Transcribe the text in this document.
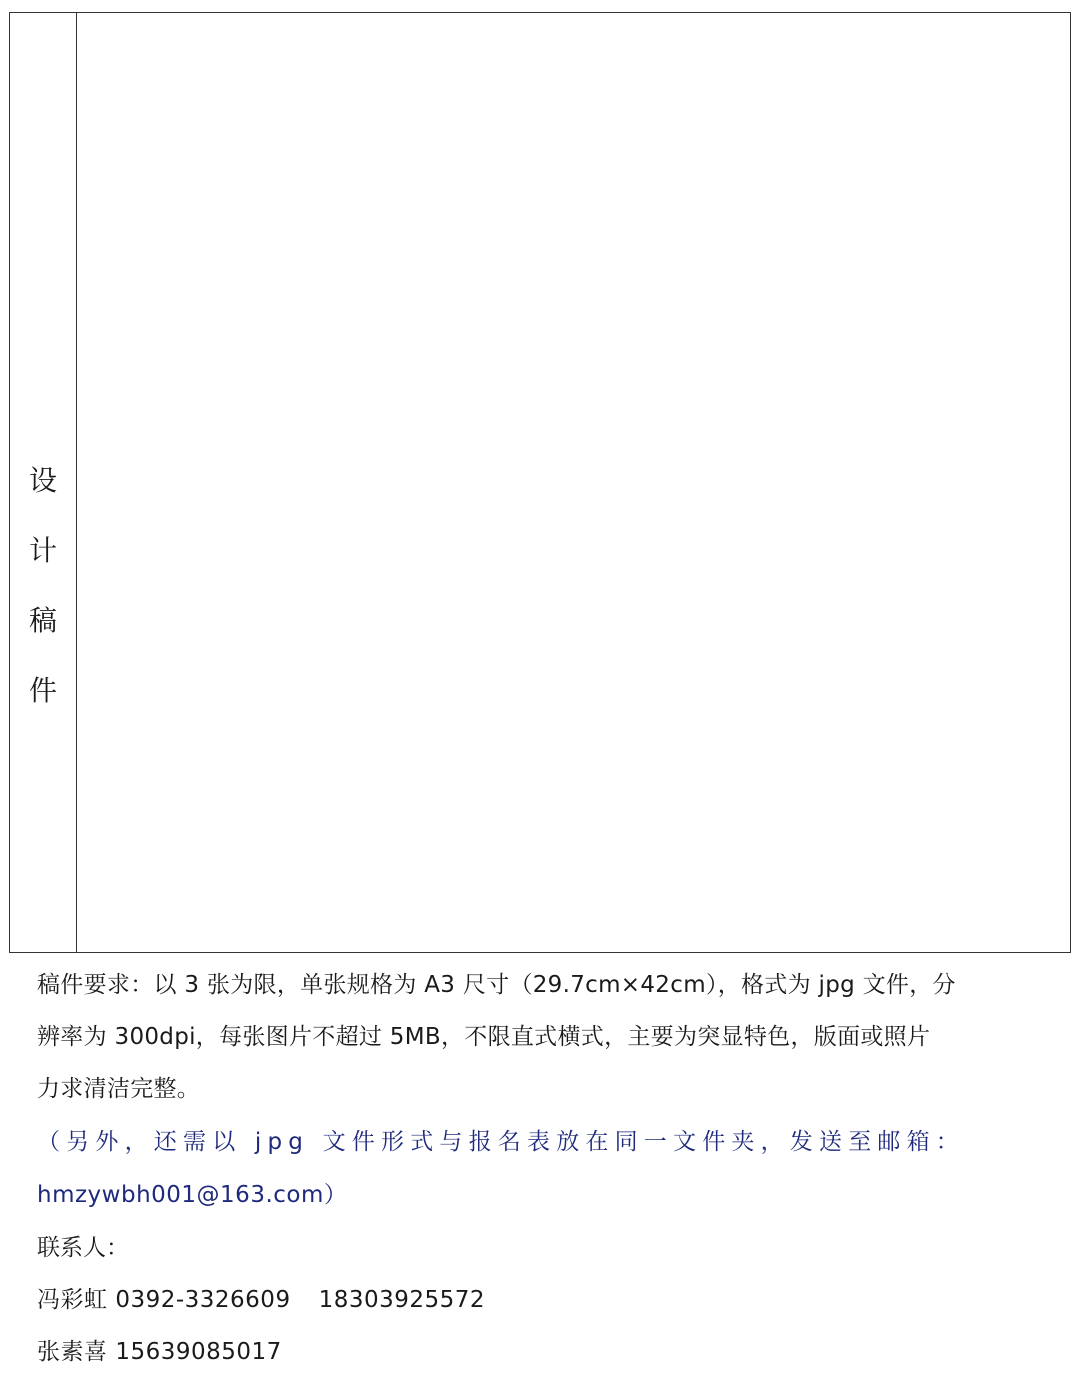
设
计
稿
件
稿件要求：以 3 张为限，单张规格为 A3 尺寸（29.7cm×42cm），格式为 jpg 文件，分
辨率为 300dpi，每张图片不超过 5MB，不限直式横式，主要为突显特色，版面或照片
力求清洁完整。
（另外，还需以 jpg 文件形式与报名表放在同一文件夹，发送至邮箱：
hmzywbh001@163.com）
联系人：
冯彩虹 0392-3326609 18303925572
张素喜 15639085017
